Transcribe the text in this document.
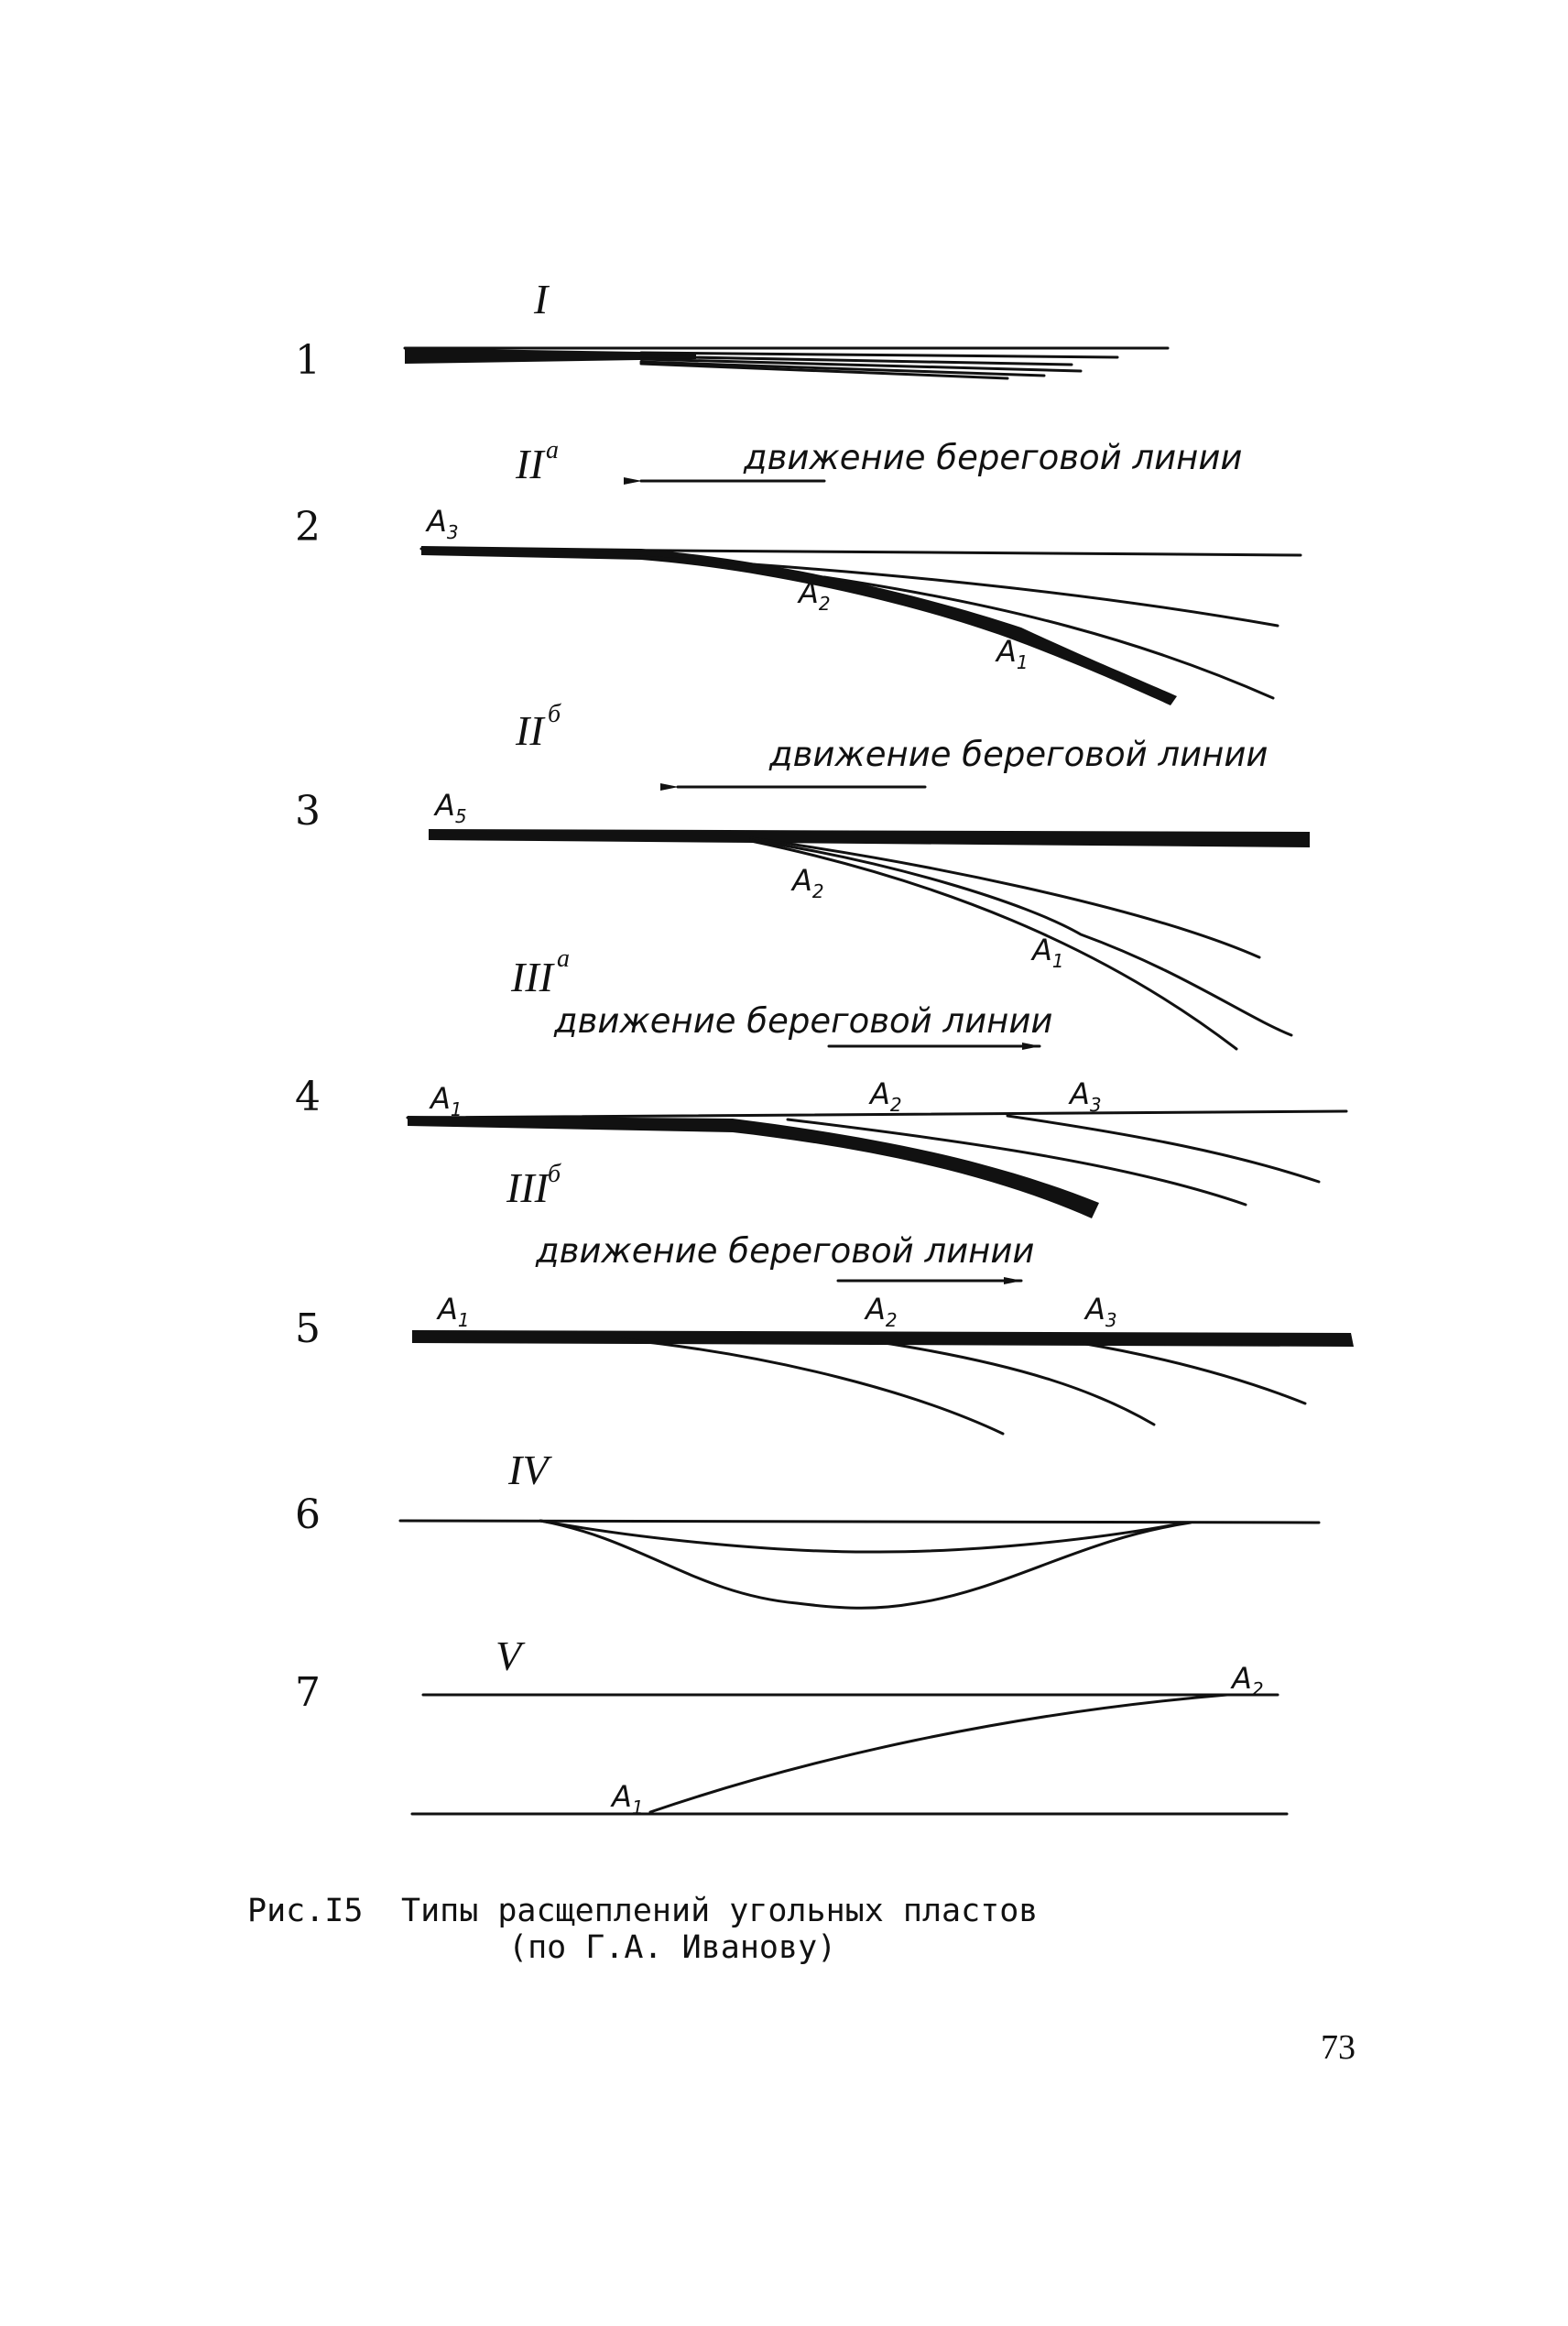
1
I
2
II a	движение береговой линии
$A_3$
$A_2$
$A_1$
3
II б
движение береговой линии
$A_5$
$A_2$
$A_1$
4
III a
движение береговой линии
$A_1$	$A_2$	$A_3$
5
III б
движение береговой линии
$A_1$	$A_2$	$A_3$
6
IV
7
V
$A_1$
$A_2$
Рис.I5 Типы расщеплений угольных пластов
(по Г.А. Иванову)
73
